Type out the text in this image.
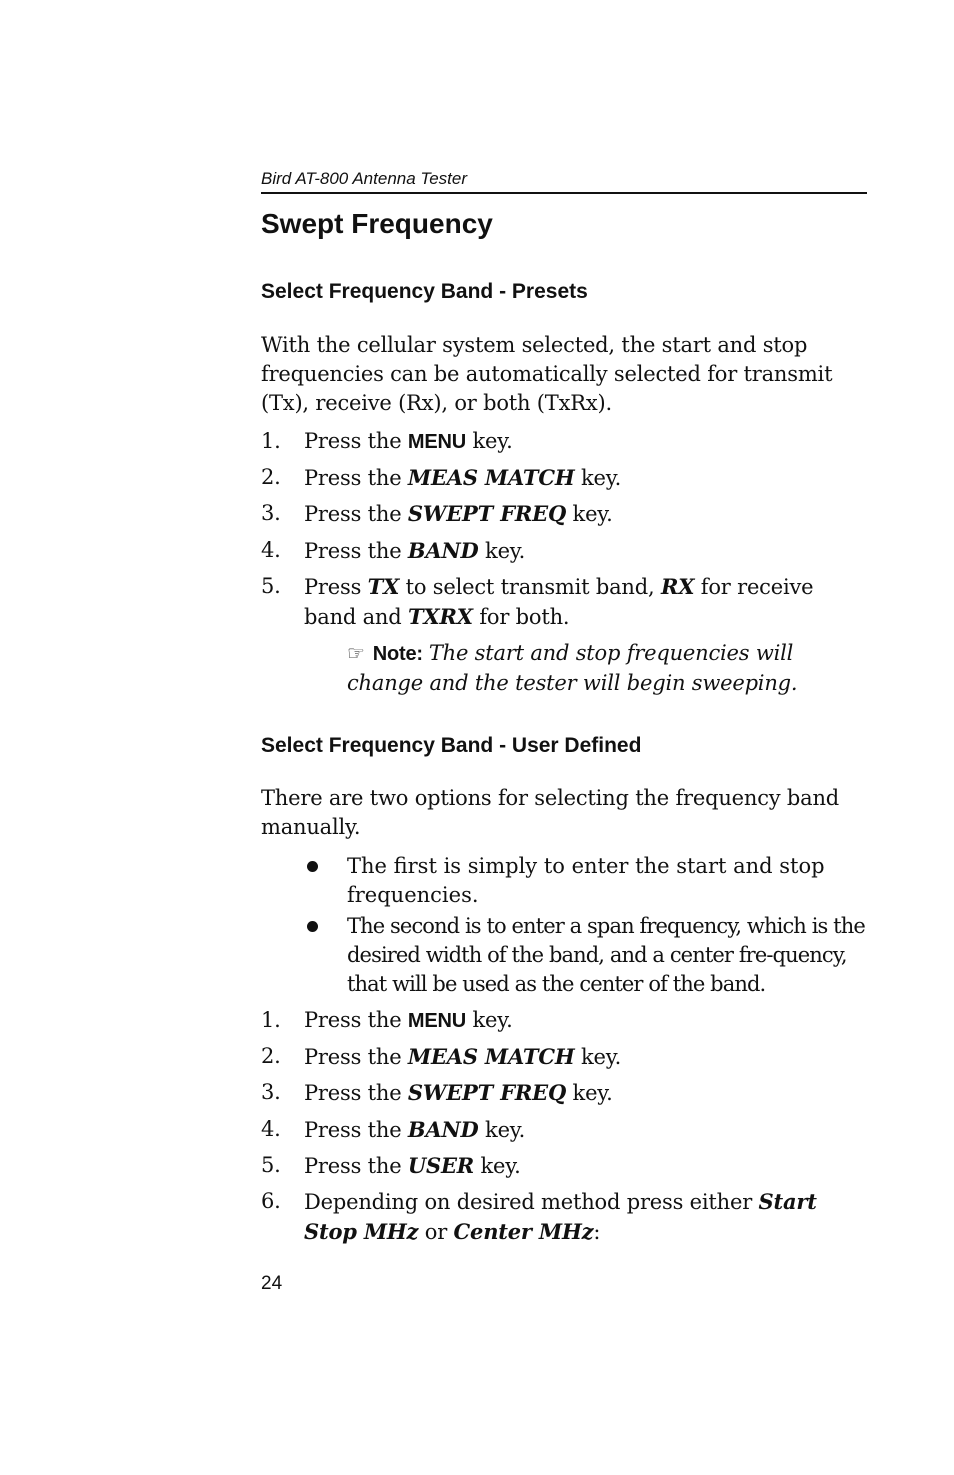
Bird AT-800 Antenna Tester
Swept Frequency
Select Frequency Band - Presets

With the cellular system selected, the start and stop frequencies can be automatically selected for transmit (Tx), receive (Rx), or both (TxRx).

1. Press the MENU key.
2. Press the MEAS MATCH key.
3. Press the SWEPT FREQ key.
4. Press the BAND key.
5. Press TX to select transmit band, RX for receive band and TXRX for both.
☞ Note: The start and stop frequencies will change and the tester will begin sweeping.
Select Frequency Band - User Defined

There are two options for selecting the frequency band manually.

The first is simply to enter the start and stop frequencies.
The second is to enter a span frequency, which is the desired width of the band, and a center fre-quency, that will be used as the center of the band.
1. Press the MENU key.
2. Press the MEAS MATCH key.
3. Press the SWEPT FREQ key.
4. Press the BAND key.
5. Press the USER key.
6. Depending on desired method press either Start Stop MHz or Center MHz:
24
